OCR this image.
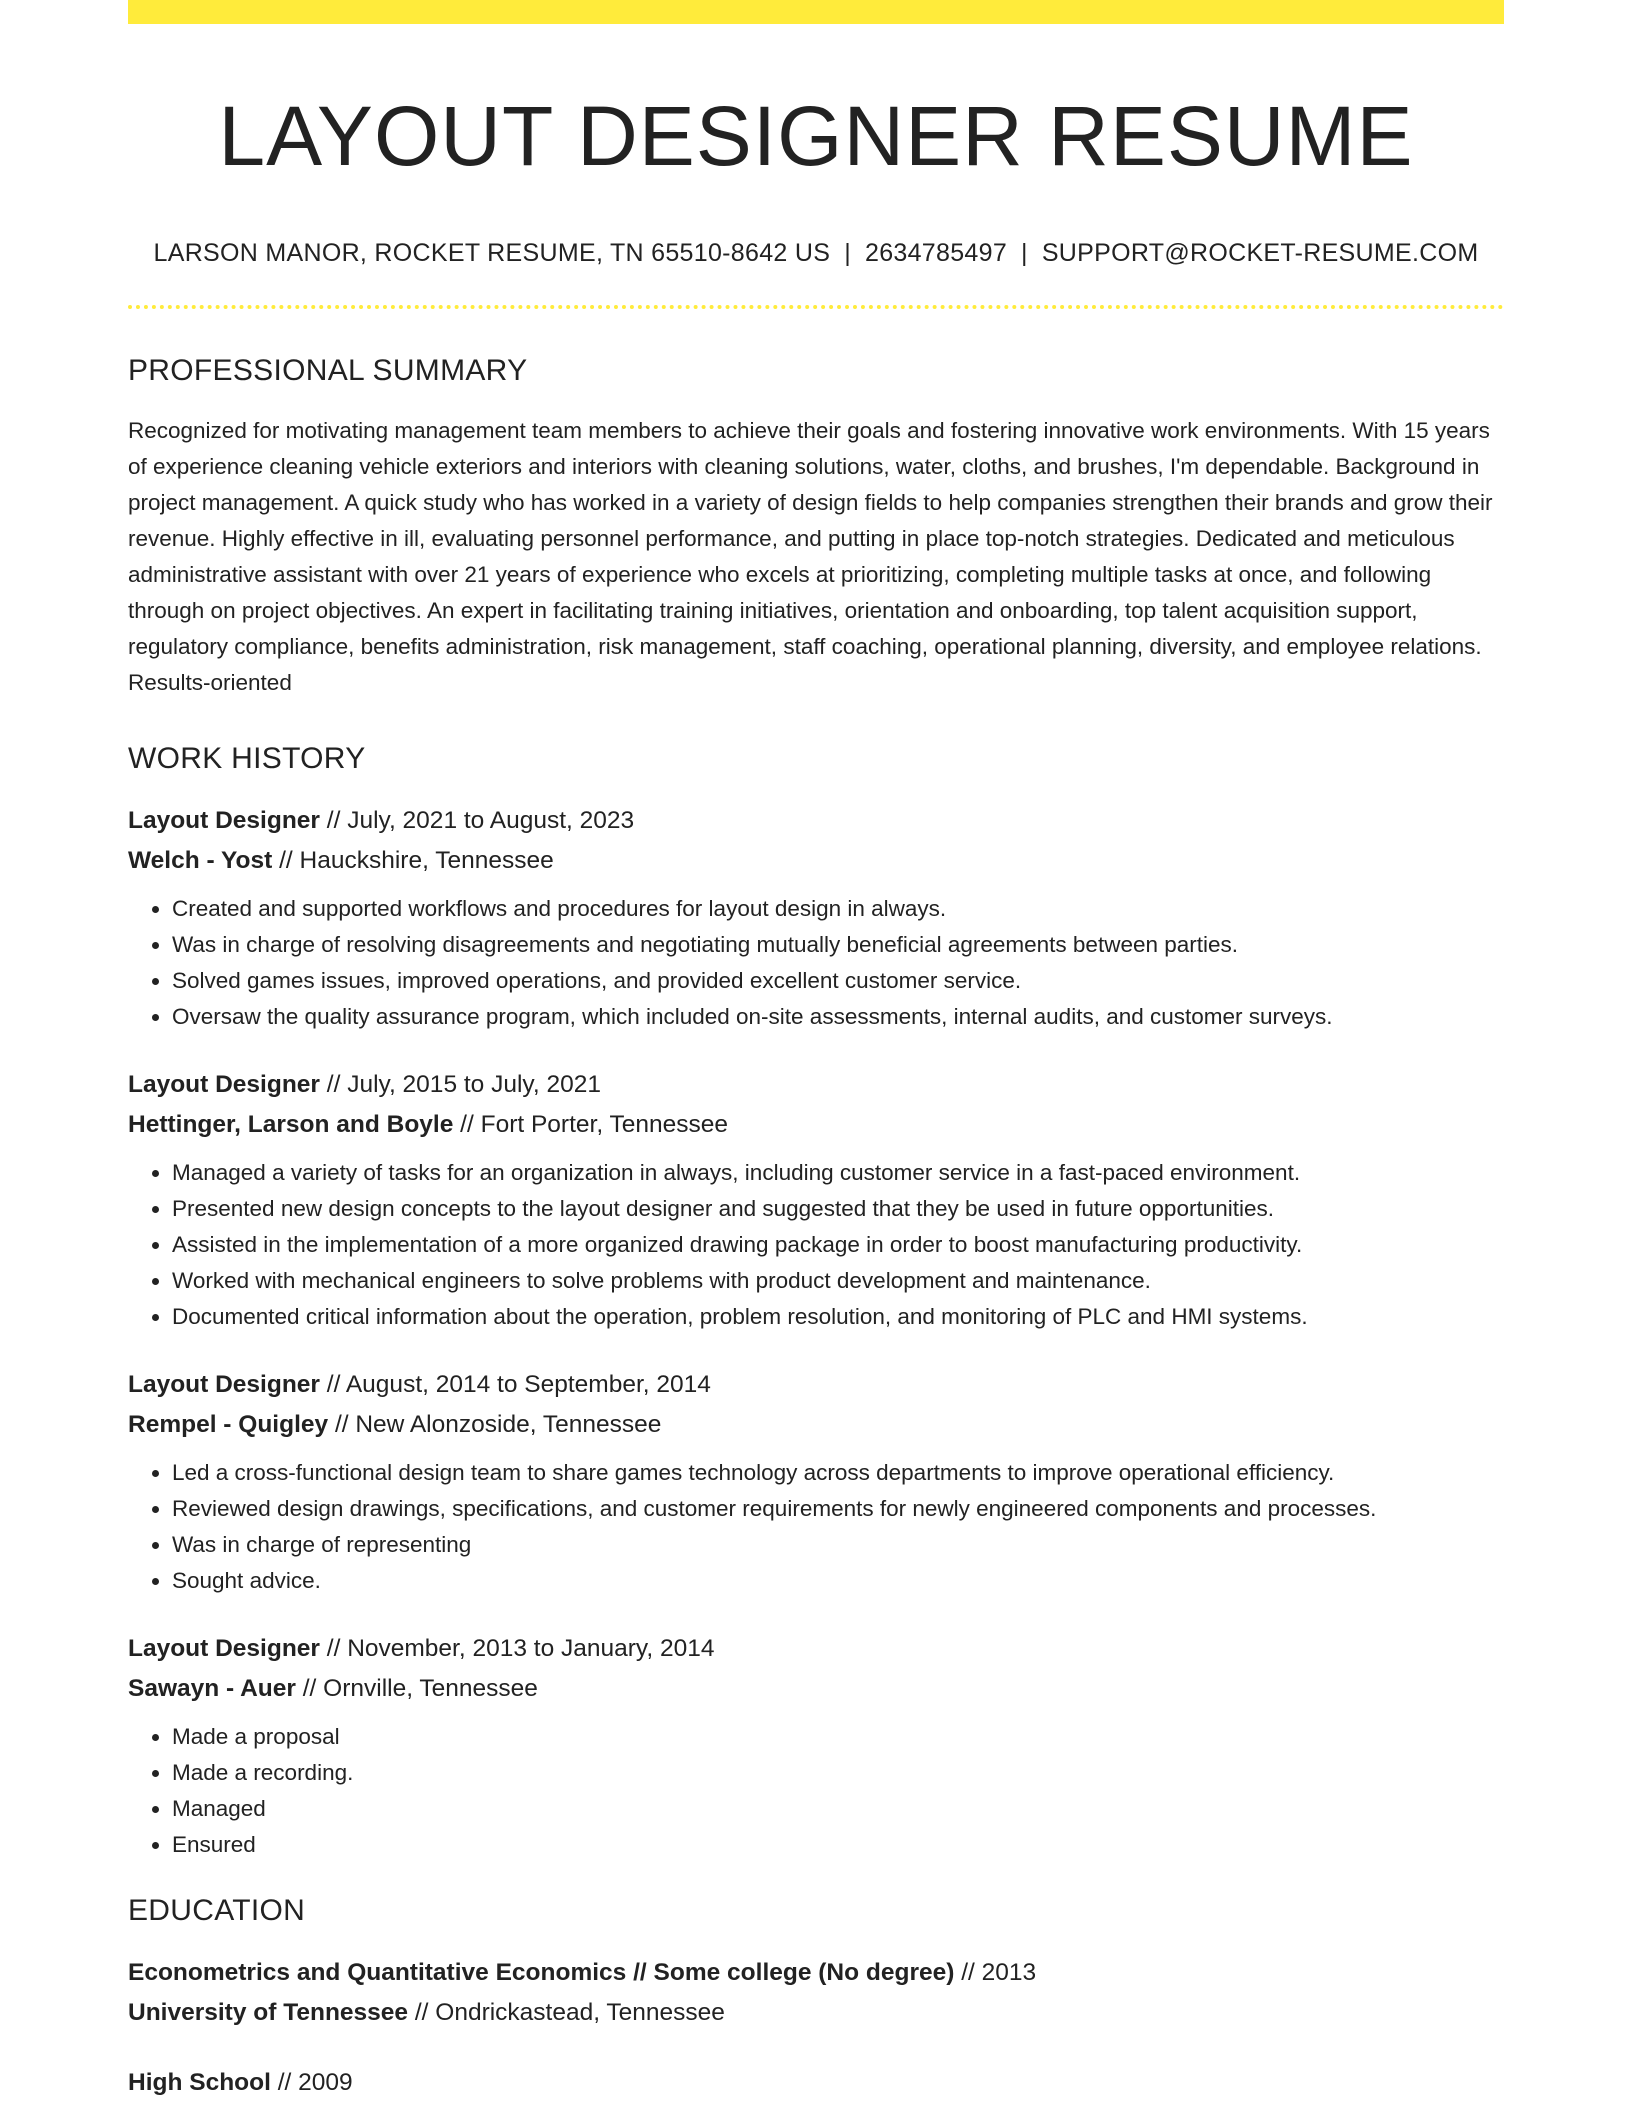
LAYOUT DESIGNER RESUME
LARSON MANOR, ROCKET RESUME, TN 65510-8642 US | 2634785497 | SUPPORT@ROCKET-RESUME.COM
PROFESSIONAL SUMMARY
Recognized for motivating management team members to achieve their goals and fostering innovative work environments. With 15 years of experience cleaning vehicle exteriors and interiors with cleaning solutions, water, cloths, and brushes, I'm dependable. Background in project management. A quick study who has worked in a variety of design fields to help companies strengthen their brands and grow their revenue. Highly effective in ill, evaluating personnel performance, and putting in place top-notch strategies. Dedicated and meticulous administrative assistant with over 21 years of experience who excels at prioritizing, completing multiple tasks at once, and following through on project objectives. An expert in facilitating training initiatives, orientation and onboarding, top talent acquisition support, regulatory compliance, benefits administration, risk management, staff coaching, operational planning, diversity, and employee relations. Results-oriented
WORK HISTORY
Layout Designer // July, 2021 to August, 2023
Welch - Yost // Hauckshire, Tennessee
• Created and supported workflows and procedures for layout design in always.
• Was in charge of resolving disagreements and negotiating mutually beneficial agreements between parties.
• Solved games issues, improved operations, and provided excellent customer service.
• Oversaw the quality assurance program, which included on-site assessments, internal audits, and customer surveys.
Layout Designer // July, 2015 to July, 2021
Hettinger, Larson and Boyle // Fort Porter, Tennessee
• Managed a variety of tasks for an organization in always, including customer service in a fast-paced environment.
• Presented new design concepts to the layout designer and suggested that they be used in future opportunities.
• Assisted in the implementation of a more organized drawing package in order to boost manufacturing productivity.
• Worked with mechanical engineers to solve problems with product development and maintenance.
• Documented critical information about the operation, problem resolution, and monitoring of PLC and HMI systems.
Layout Designer // August, 2014 to September, 2014
Rempel - Quigley // New Alonzoside, Tennessee
• Led a cross-functional design team to share games technology across departments to improve operational efficiency.
• Reviewed design drawings, specifications, and customer requirements for newly engineered components and processes.
• Was in charge of representing
• Sought advice.
Layout Designer // November, 2013 to January, 2014
Sawayn - Auer // Ornville, Tennessee
• Made a proposal
• Made a recording.
• Managed
• Ensured
EDUCATION
Econometrics and Quantitative Economics // Some college (No degree) // 2013
University of Tennessee // Ondrickastead, Tennessee
High School // 2009
